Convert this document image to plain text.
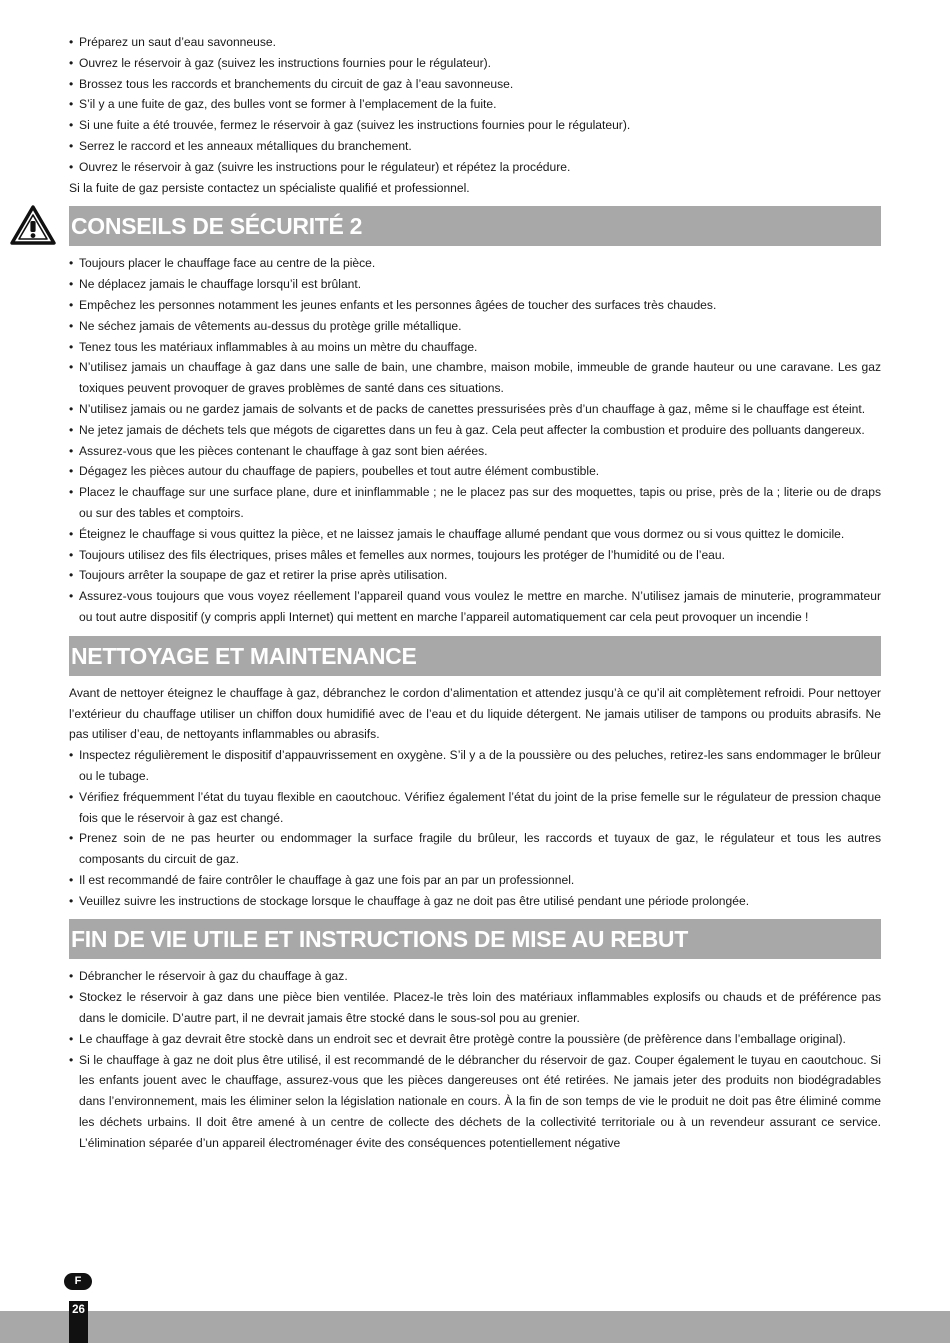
• Préparez un saut d’eau savonneuse.
• Ouvrez le réservoir à gaz (suivez les instructions fournies pour le régulateur).
• Brossez tous les raccords et branchements du circuit de gaz à l’eau savonneuse.
• S’il y a une fuite de gaz, des bulles vont se former à l’emplacement de la fuite.
• Si une fuite a été trouvée, fermez le réservoir à gaz (suivez les instructions fournies pour le régulateur).
• Serrez le raccord et les anneaux métalliques du branchement.
• Ouvrez le réservoir à gaz (suivre les instructions pour le régulateur) et répétez la procédure.

Si la fuite de gaz persiste contactez un spécialiste qualifié et professionnel.

CONSEILS DE SÉCURITÉ 2
• Toujours placer le chauffage face au centre de la pièce.
• Ne déplacez jamais le chauffage lorsqu’il est brûlant.
• Empêchez les personnes notamment les jeunes enfants et les personnes âgées de toucher des surfaces très chaudes.
• Ne séchez jamais de vêtements au-dessus du protège grille métallique.
• Tenez tous les matériaux inflammables à au moins un mètre du chauffage.
• N’utilisez jamais un chauffage à gaz dans une salle de bain, une chambre, maison mobile, immeuble de grande hauteur ou une caravane. Les gaz toxiques peuvent provoquer de graves problèmes de santé dans ces situations.
• N’utilisez jamais ou ne gardez jamais de solvants et de packs de canettes pressurisées près d’un chauffage à gaz, même si le chauffage est éteint.
• Ne jetez jamais de déchets tels que mégots de cigarettes dans un feu à gaz. Cela peut affecter la combustion et produire des polluants dangereux.
• Assurez-vous que les pièces contenant le chauffage à gaz sont bien aérées.
• Dégagez les pièces autour du chauffage de papiers, poubelles et tout autre élément combustible.
• Placez le chauffage sur une surface plane, dure et ininflammable ; ne le placez pas sur des moquettes, tapis ou prise, près de la ; literie ou de draps ou sur des tables et comptoirs.
• Éteignez le chauffage si vous quittez la pièce, et ne laissez jamais le chauffage allumé pendant que vous dormez ou si vous quittez le domicile.
• Toujours utilisez des fils électriques, prises mâles et femelles aux normes, toujours les protéger de l’humidité ou de l’eau.
• Toujours arrêter la soupape de gaz et retirer la prise après utilisation.
• Assurez-vous toujours que vous voyez réellement l’appareil quand vous voulez le mettre en marche. N’utilisez jamais de minuterie, programmateur ou tout autre dispositif (y compris appli Internet) qui mettent en marche l’appareil automatiquement car cela peut provoquer un incendie !
NETTOYAGE ET MAINTENANCE

Avant de nettoyer éteignez le chauffage à gaz, débranchez le cordon d’alimentation et attendez jusqu’à ce qu’il ait complètement refroidi. Pour nettoyer l’extérieur du chauffage utiliser un chiffon doux humidifié avec de l’eau et du liquide détergent. Ne jamais utiliser de tampons ou produits abrasifs. Ne pas utiliser d’eau, de nettoyants inflammables ou abrasifs.

• Inspectez régulièrement le dispositif d’appauvrissement en oxygène. S’il y a de la poussière ou des peluches, retirez-les sans endommager le brûleur ou le tubage.
• Vérifiez fréquemment l’état du tuyau flexible en caoutchouc. Vérifiez également l’état du joint de la prise femelle sur le régulateur de pression chaque fois que le réservoir à gaz est changé.
• Prenez soin de ne pas heurter ou endommager la surface fragile du brûleur, les raccords et tuyaux de gaz, le régulateur et tous les autres composants du circuit de gaz.
• Il est recommandé de faire contrôler le chauffage à gaz une fois par an par un professionnel.
• Veuillez suivre les instructions de stockage lorsque le chauffage à gaz ne doit pas être utilisé pendant une période prolongée.
FIN DE VIE UTILE ET INSTRUCTIONS DE MISE AU REBUT
• Débrancher le réservoir à gaz du chauffage à gaz.
• Stockez le réservoir à gaz dans une pièce bien ventilée. Placez-le très loin des matériaux inflammables explosifs ou chauds et de préférence pas dans le domicile. D’autre part, il ne devrait jamais être stocké dans le sous-sol pou au grenier.
• Le chauffage à gaz devrait être stockè dans un endroit sec et devrait être protègè contre la poussière (de prèfèrence dans l’emballage original).
• Si le chauffage à gaz ne doit plus être utilisé, il est recommandé de le débrancher du réservoir de gaz. Couper également le tuyau en caoutchouc. Si les enfants jouent avec le chauffage, assurez-vous que les pièces dangereuses ont été retirées. Ne jamais jeter des produits non biodégradables dans l’environnement, mais les éliminer selon la législation nationale en cours. À la fin de son temps de vie le produit ne doit pas être éliminé comme les déchets urbains. Il doit être amené à un centre de collecte des déchets de la collectivité territoriale ou à un revendeur assurant ce service. L’élimination séparée d’un appareil électroménager évite des conséquences potentiellement négative
F
26
